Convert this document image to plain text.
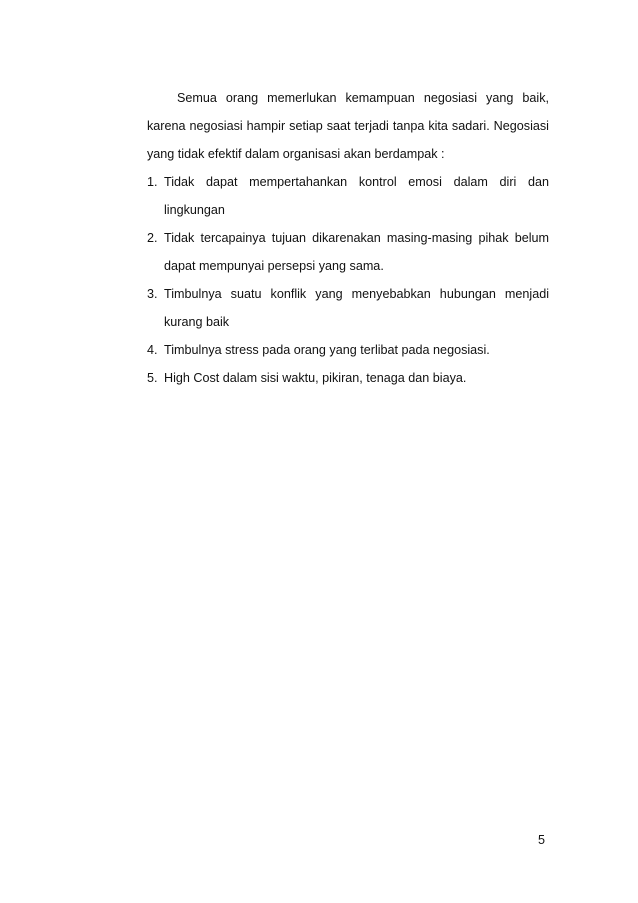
Semua orang memerlukan kemampuan negosiasi yang baik, karena negosiasi hampir setiap saat terjadi tanpa kita sadari. Negosiasi yang tidak efektif dalam organisasi akan berdampak :

1. Tidak dapat mempertahankan kontrol emosi dalam diri dan lingkungan
2. Tidak tercapainya tujuan dikarenakan masing-masing pihak belum dapat mempunyai persepsi yang sama.
3. Timbulnya suatu konflik yang menyebabkan hubungan menjadi kurang baik
4. Timbulnya stress pada orang yang terlibat pada negosiasi.
5. High Cost dalam sisi waktu, pikiran, tenaga dan biaya.
5
